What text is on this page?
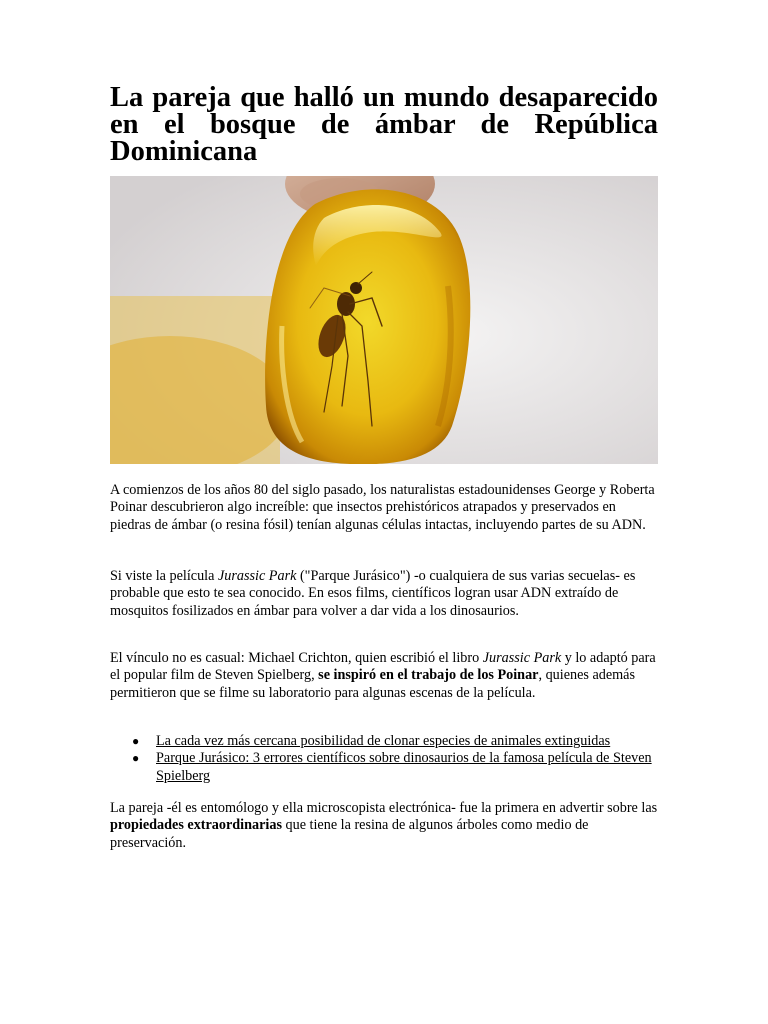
La pareja que halló un mundo desaparecido en el bosque de ámbar de República Dominicana

A comienzos de los años 80 del siglo pasado, los naturalistas estadounidenses George y Roberta Poinar descubrieron algo increíble: que insectos prehistóricos atrapados y preservados en piedras de ámbar (o resina fósil) tenían algunas células intactas, incluyendo partes de su ADN.

Si viste la película Jurassic Park ("Parque Jurásico") -o cualquiera de sus varias secuelas- es probable que esto te sea conocido. En esos films, científicos logran usar ADN extraído de mosquitos fosilizados en ámbar para volver a dar vida a los dinosaurios.

El vínculo no es casual: Michael Crichton, quien escribió el libro Jurassic Park y lo adaptó para el popular film de Steven Spielberg, se inspiró en el trabajo de los Poinar, quienes además permitieron que se filme su laboratorio para algunas escenas de la película.

● La cada vez más cercana posibilidad de clonar especies de animales extinguidas
● Parque Jurásico: 3 errores científicos sobre dinosaurios de la famosa película de Steven Spielberg

La pareja -él es entomólogo y ella microscopista electrónica- fue la primera en advertir sobre las propiedades extraordinarias que tiene la resina de algunos árboles como medio de preservación.
